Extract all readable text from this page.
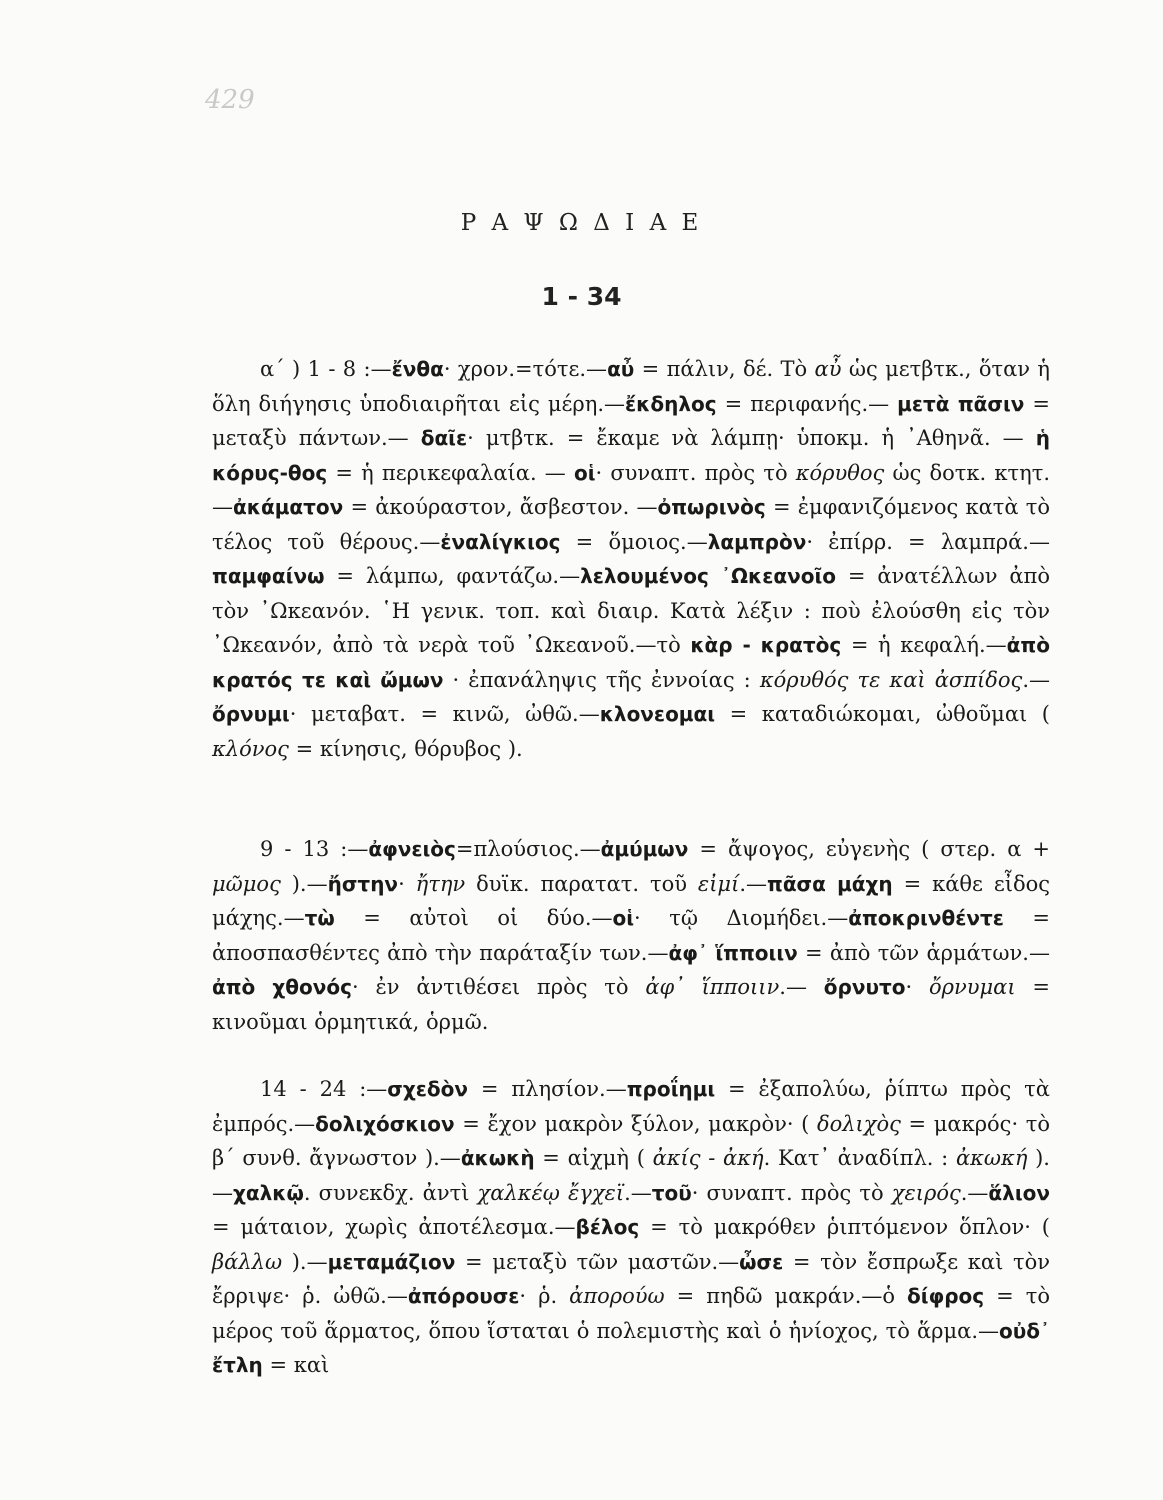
429
Ρ Α Ψ Ω Δ Ι Α Ε
1 - 34

α΄ ) 1 - 8 :—ἔνθα· χρον.=τότε.—αὖ = πάλιν, δέ. Τὸ αὖ ὡς μετβτκ., ὅταν ἡ ὅλη διήγησις ὑποδιαιρῆται εἰς μέρη.—ἔκδηλος = περιφανής.— μετὰ πᾶσιν = μεταξὺ πάντων.— δαῖε· μτβτκ. = ἔκαμε νὰ λάμπῃ· ὑποκμ. ἡ ᾿Αθηνᾶ. — ἡ κόρυς-θος = ἡ περικεφαλαία. — οἱ· συναπτ. πρὸς τὸ κόρυθος ὡς δοτκ. κτητ.—ἀκάματον = ἀκούραστον, ἄσβεστον. —ὀπωρινὸς = ἐμφανιζόμενος κατὰ τὸ τέλος τοῦ θέρους.—ἐναλίγκιος = ὅμοιος.—λαμπρὸν· ἐπίρρ. = λαμπρά.—παμφαίνω = λάμπω, φαντάζω.—λελουμένος ᾿Ωκεανοῖο = ἀνατέλλων ἀπὸ τὸν ᾿Ωκεανόν. ῾Η γενικ. τοπ. καὶ διαιρ. Κατὰ λέξιν : ποὺ ἐλούσθη εἰς τὸν ᾿Ωκεανόν, ἀπὸ τὰ νερὰ τοῦ ᾿Ωκεανοῦ.—τὸ κὰρ - κρατὸς = ἡ κεφαλή.—ἀπὸ κρατός τε καὶ ὤμων · ἐπανάληψις τῆς ἐννοίας : κόρυθός τε καὶ ἀσπίδος.—ὄρνυμι· μεταβατ. = κινῶ, ὠθῶ.—κλονεομαι = καταδιώκομαι, ὠθοῦμαι ( κλόνος = κίνησις, θόρυβος ).

9 - 13 :—ἀφνειὸς=πλούσιος.—ἀμύμων = ἄψογος, εὐγενὴς ( στερ. α + μῶμος ).—ἤστην· ἤτην δυϊκ. παρατατ. τοῦ εἰμί.—πᾶσα μάχη = κάθε εἶδος μάχης.—τὼ = αὐτοὶ οἱ δύο.—οἱ· τῷ Διομήδει.—ἀποκρινθέντε = ἀποσπασθέντες ἀπὸ τὴν παράταξίν των.—ἀφ᾿ ἵπποιιν = ἀπὸ τῶν ἁρμάτων.—ἀπὸ χθονός· ἐν ἀντιθέσει πρὸς τὸ ἀφ᾿ ἵπποιιν.— ὄρνυτο· ὄρνυμαι = κινοῦμαι ὁρμητικά, ὁρμῶ.

14 - 24 :—σχεδὸν = πλησίον.—προΐημι = ἐξαπολύω, ῥίπτω πρὸς τὰ ἐμπρός.—δολιχόσκιον = ἔχον μακρὸν ξύλον, μακρὸν· ( δολιχὸς = μακρός· τὸ β΄ συνθ. ἄγνωστον ).—ἀκωκὴ = αἰχμὴ ( ἀκίς - ἀκή. Κατ᾿ ἀναδίπλ. : ἀκωκή ).—χαλκῷ. συνεκδχ. ἀντὶ χαλκέῳ ἔγχεϊ.—τοῦ· συναπτ. πρὸς τὸ χειρός.—ἅλιον = μάταιον, χωρὶς ἀποτέλεσμα.—βέλος = τὸ μακρόθεν ῥιπτόμενον ὅπλον· ( βάλλω ).—μεταμάζιον = μεταξὺ τῶν μαστῶν.—ὦσε = τὸν ἔσπρωξε καὶ τὸν ἔρριψε· ῥ. ὠθῶ.—ἀπόρουσε· ῥ. ἀπορούω = πηδῶ μακράν.—ὁ δίφρος = τὸ μέρος τοῦ ἅρματος, ὅπου ἵσταται ὁ πολεμιστὴς καὶ ὁ ἡνίοχος, τὸ ἅρμα.—οὐδ᾿ ἔτλη = καὶ
